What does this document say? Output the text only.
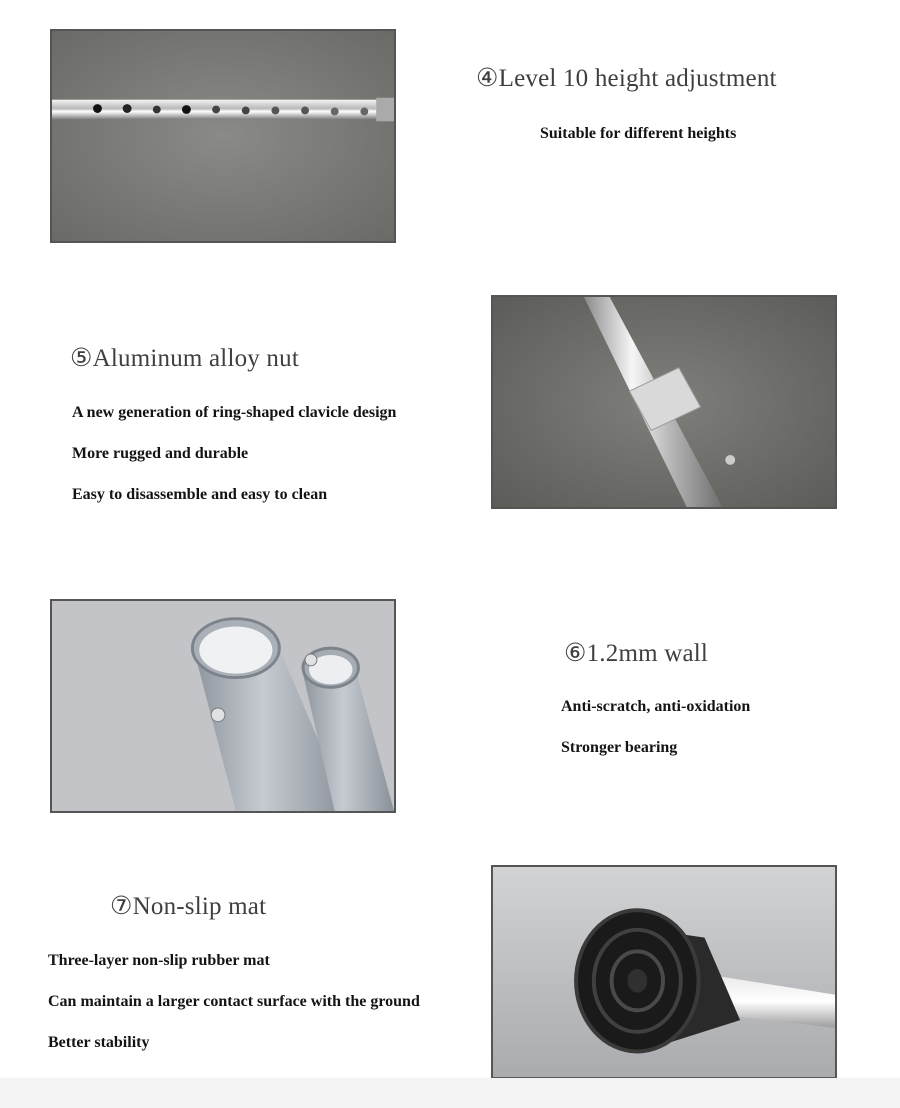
④Level 10 height adjustment

Suitable for different heights

⑤Aluminum alloy nut

A new generation of ring-shaped clavicle design

More rugged and durable

Easy to disassemble and easy to clean

⑥1.2mm wall

Anti-scratch, anti-oxidation

Stronger bearing

⑦Non-slip mat

Three-layer non-slip rubber mat

Can maintain a larger contact surface with the ground

Better stability
